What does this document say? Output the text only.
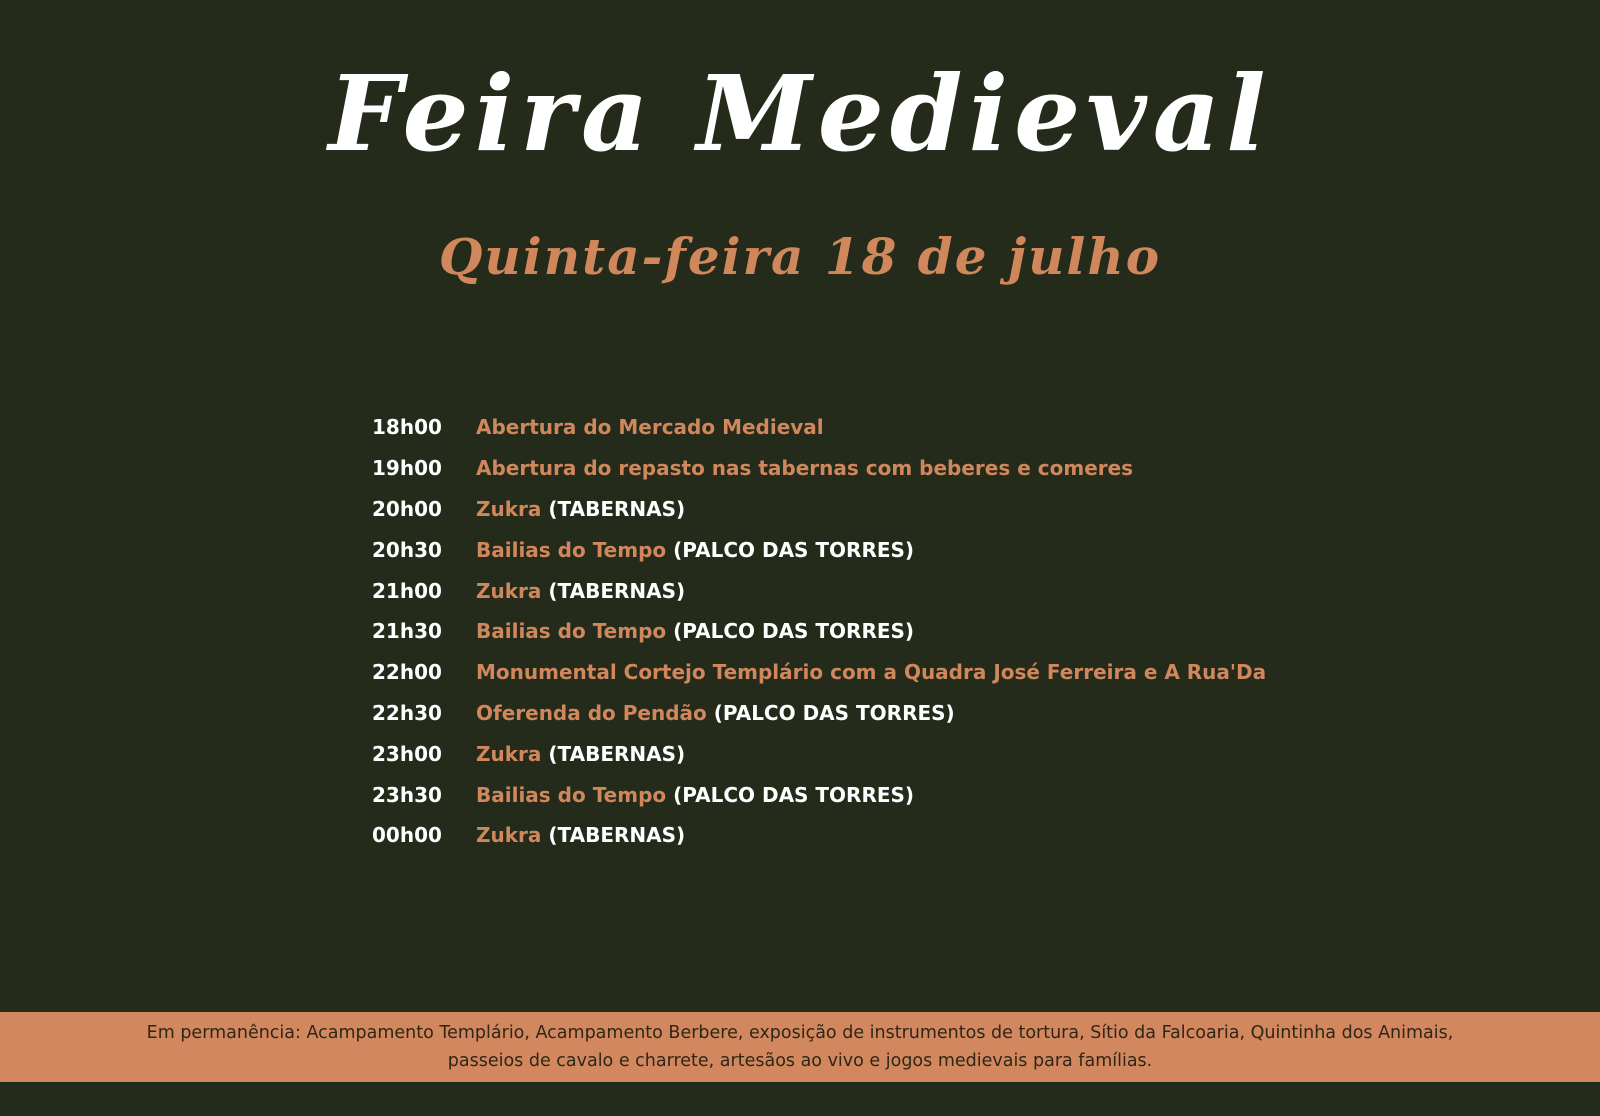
Feira Medieval
Quinta-feira 18 de julho
18h00	Abertura do Mercado Medieval
19h00	Abertura do repasto nas tabernas com beberes e comeres
20h00	Zukra (TABERNAS)
20h30	Bailias do Tempo (PALCO DAS TORRES)
21h00	Zukra (TABERNAS)
21h30	Bailias do Tempo (PALCO DAS TORRES)
22h00	Monumental Cortejo Templário com a Quadra José Ferreira e A Rua'Da
22h30	Oferenda do Pendão (PALCO DAS TORRES)
23h00	Zukra (TABERNAS)
23h30	Bailias do Tempo (PALCO DAS TORRES)
00h00	Zukra (TABERNAS)
Em permanência: Acampamento Templário, Acampamento Berbere, exposição de instrumentos de tortura, Sítio da Falcoaria, Quintinha dos Animais,
passeios de cavalo e charrete, artesãos ao vivo e jogos medievais para famílias.
